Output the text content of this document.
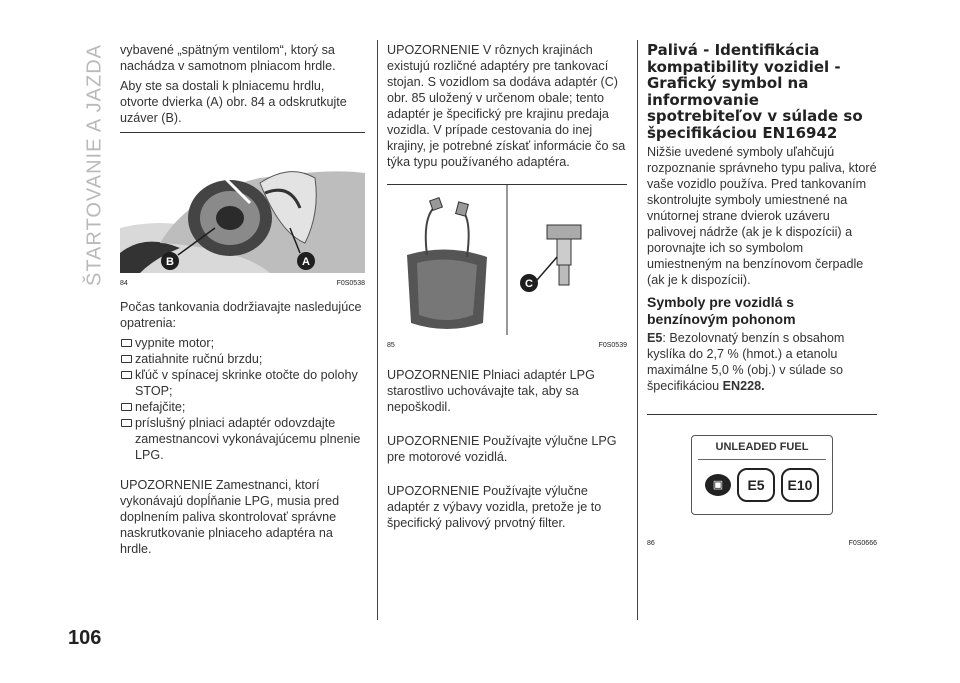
ŠTARTOVANIE A JAZDA
106

vybavené „spätným ventilom“, ktorý sa nachádza v samotnom plniacom hrdle.

Aby ste sa dostali k plniacemu hrdlu, otvorte dvierka (A) obr. 84 a odskrutkujte uzáver (B).

B	A
84	F0S0538

Počas tankovania dodržiavajte nasledujúce opatrenia:

vypnite motor;
zatiahnite ručnú brzdu;
kľúč v spínacej skrinke otočte do polohy STOP;
nefajčite;
príslušný plniaci adaptér odovzdajte zamestnancovi vykonávajúcemu plnenie LPG.

UPOZORNENIE Zamestnanci, ktorí vykonávajú dopĺňanie LPG, musia pred doplnením paliva skontrolovať správne naskrutkovanie plniaceho adaptéra na hrdle.

UPOZORNENIE V rôznych krajinách existujú rozličné adaptéry pre tankovací stojan. S vozidlom sa dodáva adaptér (C) obr. 85 uložený v určenom obale; tento adaptér je špecifický pre krajinu predaja vozidla. V prípade cestovania do inej krajiny, je potrebné získať informácie čo sa týka typu používaného adaptéra.

C
85	F0S0539

UPOZORNENIE Plniaci adaptér LPG starostlivo uchovávajte tak, aby sa nepoškodil.

UPOZORNENIE Používajte výlučne LPG pre motorové vozidlá.

UPOZORNENIE Používajte výlučne adaptér z výbavy vozidla, pretože je to špecifický palivový prvotný filter.

Palivá - Identifikácia kompatibility vozidiel - Grafický symbol na informovanie spotrebiteľov v súlade so špecifikáciou EN16942

Nižšie uvedené symboly uľahčujú rozpoznanie správneho typu paliva, ktoré vaše vozidlo používa. Pred tankovaním skontrolujte symboly umiestnené na vnútornej strane dvierok uzáveru palivovej nádrže (ak je k dispozícii) a porovnajte ich so symbolom umiestneným na benzínovom čerpadle (ak je k dispozícii).

Symboly pre vozidlá s benzínovým pohonom

E5: Bezolovnatý benzín s obsahom kyslíka do 2,7 % (hmot.) a etanolu maximálne 5,0 % (obj.) v súlade so špecifikáciou EN228.

UNLEADED FUEL
▣	E5	E10
86	F0S0666
